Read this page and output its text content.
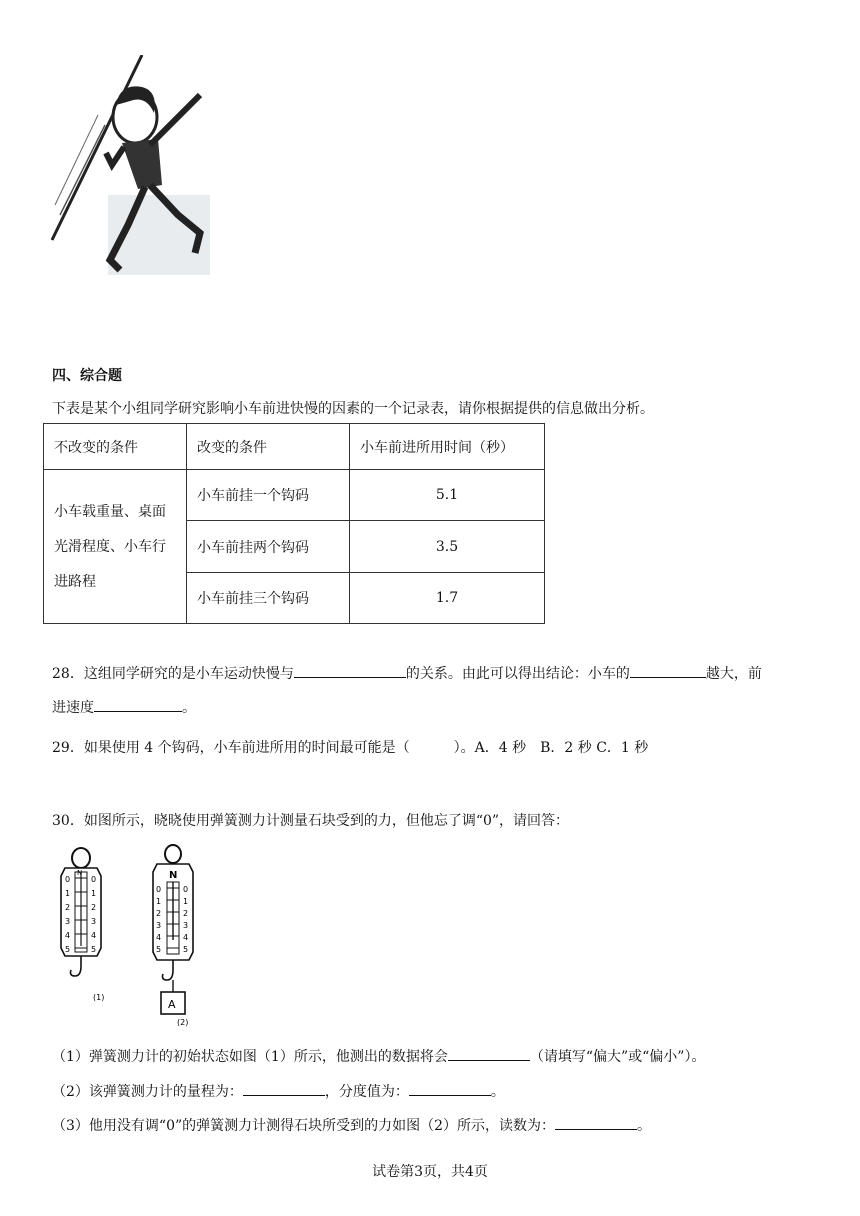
四、综合题
下表是某个小组同学研究影响小车前进快慢的因素的一个记录表，请你根据提供的信息做出分析。
不改变的条件	改变的条件	小车前进所用时间（秒）

小车载重量、桌面
光滑程度、小车行
进路程	小车前挂一个钩码	5.1
	小车前挂两个钩码	3.5
	小车前挂三个钩码	1.7
28．这组同学研究的是小车运动快慢与	的关系。由此可以得出结论：小车的	越大，前
进速度	。
29．如果使用 4 个钩码，小车前进所用的时间最可能是（	）。A．4 秒　B．2 秒 C．1 秒
30．如图所示，晓晓使用弹簧测力计测量石块受到的力，但他忘了调“0”，请回答：
0
1
2
3
4
5
0
1
2
3
4
5
N
(1)
N
0
1
2
3
4
5
0
1
2
3
4
5
A
(2)
（1）弹簧测力计的初始状态如图（1）所示，他测出的数据将会	（请填写“偏大”或“偏小”）。
（2）该弹簧测力计的量程为：	，分度值为：	。
（3）他用没有调“0”的弹簧测力计测得石块所受到的力如图（2）所示，读数为：	。
试卷第3页，共4页
